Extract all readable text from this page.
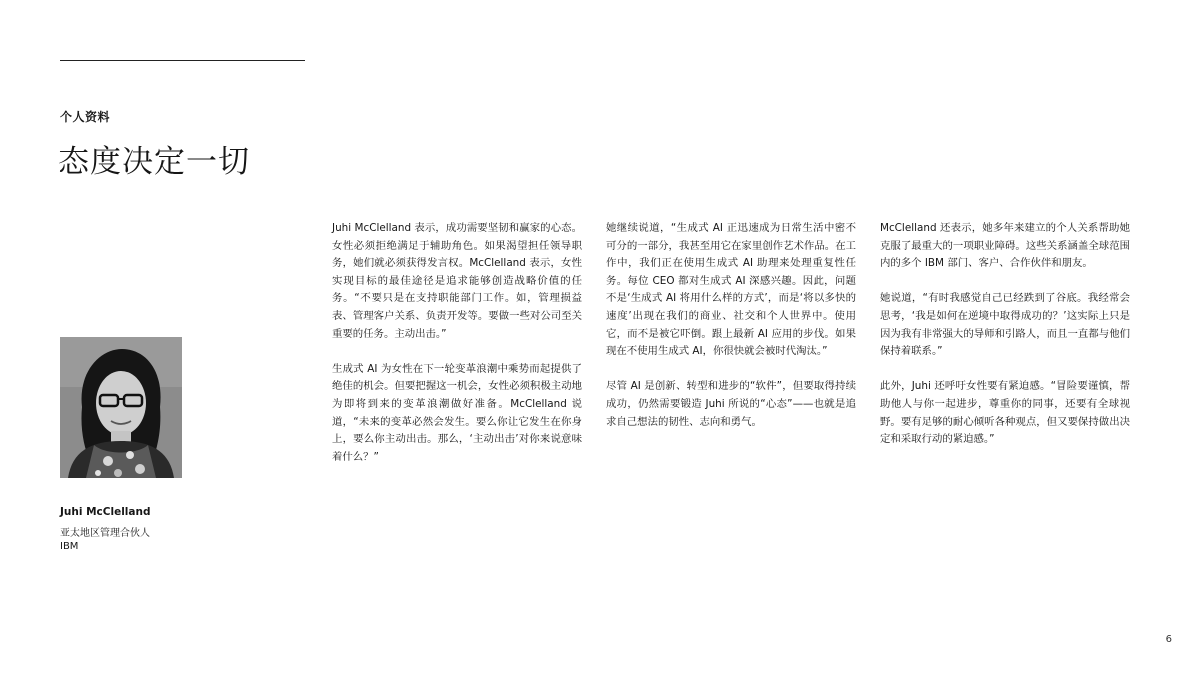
个人资料
态度决定一切
Juhi McClelland
亚太地区管理合伙人
IBM

Juhi McClelland 表示，成功需要坚韧和赢家的心态。女性必须拒绝满足于辅助角色。如果渴望担任领导职务，她们就必须获得发言权。McClelland 表示，女性实现目标的最佳途径是追求能够创造战略价值的任务。“不要只是在支持职能部门工作。如，管理损益表、管理客户关系、负责开发等。要做一些对公司至关重要的任务。主动出击。”

生成式 AI 为女性在下一轮变革浪潮中乘势而起提供了绝佳的机会。但要把握这一机会，女性必须积极主动地为即将到来的变革浪潮做好准备。McClelland 说道，“未来的变革必然会发生。要么你让它发生在你身上，要么你主动出击。那么，‘主动出击’对你来说意味着什么？”

她继续说道，“生成式 AI 正迅速成为日常生活中密不可分的一部分，我甚至用它在家里创作艺术作品。在工作中，我们正在使用生成式 AI 助理来处理重复性任务。每位 CEO 都对生成式 AI 深感兴趣。因此，问题不是‘生成式 AI 将用什么样的方式’，而是‘将以多快的速度’出现在我们的商业、社交和个人世界中。使用它，而不是被它吓倒。跟上最新 AI 应用的步伐。如果现在不使用生成式 AI，你很快就会被时代淘汰。”

尽管 AI 是创新、转型和进步的“软件”，但要取得持续成功，仍然需要锻造 Juhi 所说的“心态”——也就是追求自己想法的韧性、志向和勇气。

McClelland 还表示，她多年来建立的个人关系帮助她克服了最重大的一项职业障碍。这些关系涵盖全球范围内的多个 IBM 部门、客户、合作伙伴和朋友。

她说道，“有时我感觉自己已经跌到了谷底。我经常会思考，‘我是如何在逆境中取得成功的？’这实际上只是因为我有非常强大的导师和引路人，而且一直都与他们保持着联系。”

此外，Juhi 还呼吁女性要有紧迫感。“冒险要谨慎，帮助他人与你一起进步，尊重你的同事，还要有全球视野。要有足够的耐心倾听各种观点，但又要保持做出决定和采取行动的紧迫感。”

6
